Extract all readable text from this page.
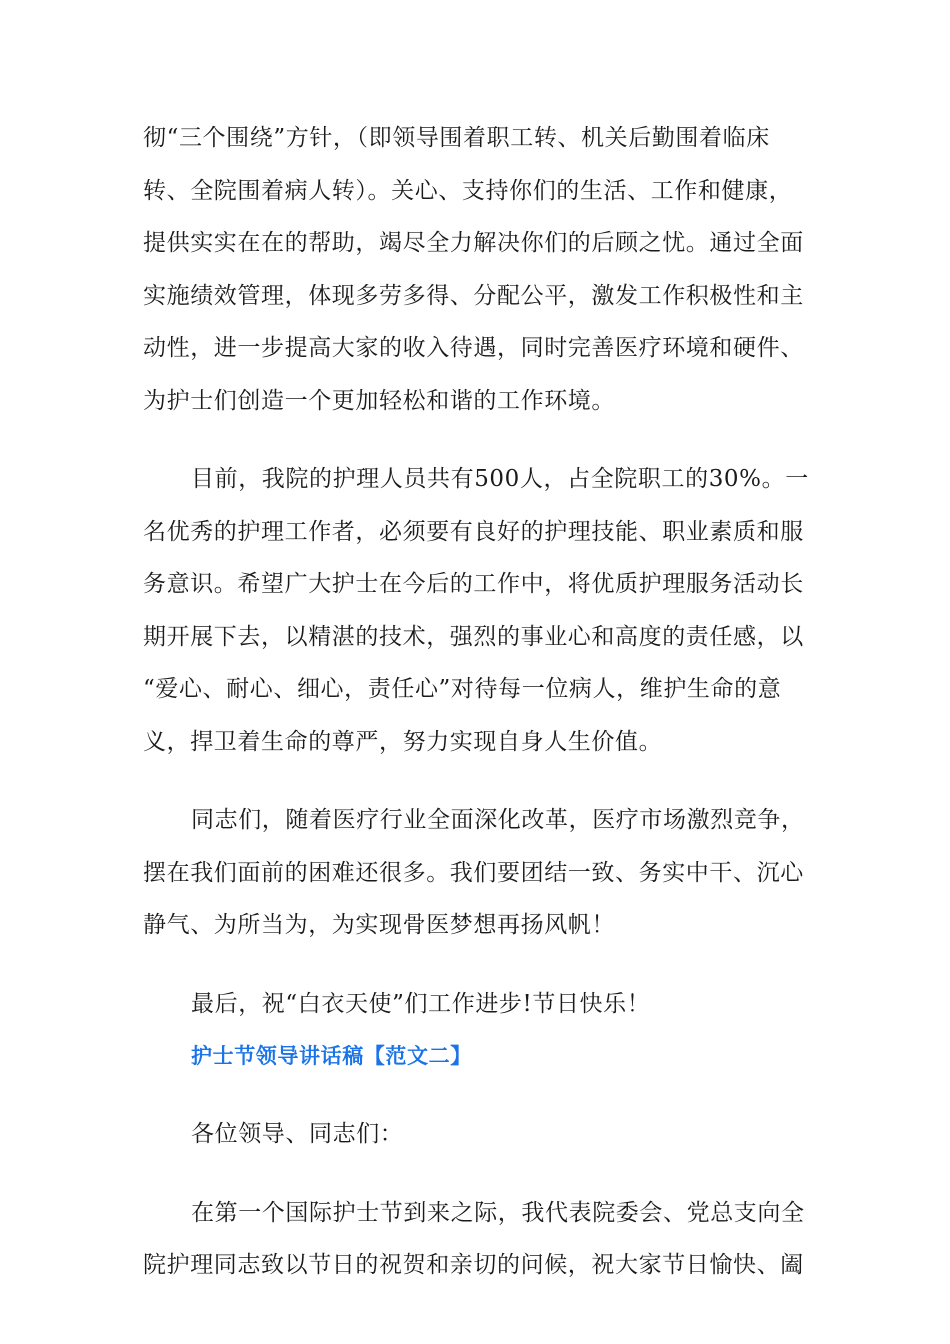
彻“三个围绕”方针，（即领导围着职工转、机关后勤围着临床
转、全院围着病人转）。关心、支持你们的生活、工作和健康，
提供实实在在的帮助，竭尽全力解决你们的后顾之忧。通过全面
实施绩效管理，体现多劳多得、分配公平，激发工作积极性和主
动性，进一步提高大家的收入待遇，同时完善医疗环境和硬件、
为护士们创造一个更加轻松和谐的工作环境。

目前，我院的护理人员共有500人，占全院职工的30%。一
名优秀的护理工作者，必须要有良好的护理技能、职业素质和服
务意识。希望广大护士在今后的工作中，将优质护理服务活动长
期开展下去，以精湛的技术，强烈的事业心和高度的责任感，以
“爱心、耐心、细心，责任心”对待每一位病人，维护生命的意
义，捍卫着生命的尊严，努力实现自身人生价值。

同志们，随着医疗行业全面深化改革，医疗市场激烈竞争，
摆在我们面前的困难还很多。我们要团结一致、务实中干、沉心
静气、为所当为，为实现骨医梦想再扬风帆！

最后，祝“白衣天使”们工作进步!节日快乐！

护士节领导讲话稿【范文二】

各位领导、同志们：

在第一个国际护士节到来之际，我代表院委会、党总支向全
院护理同志致以节日的祝贺和亲切的问候，祝大家节日愉快、阖
